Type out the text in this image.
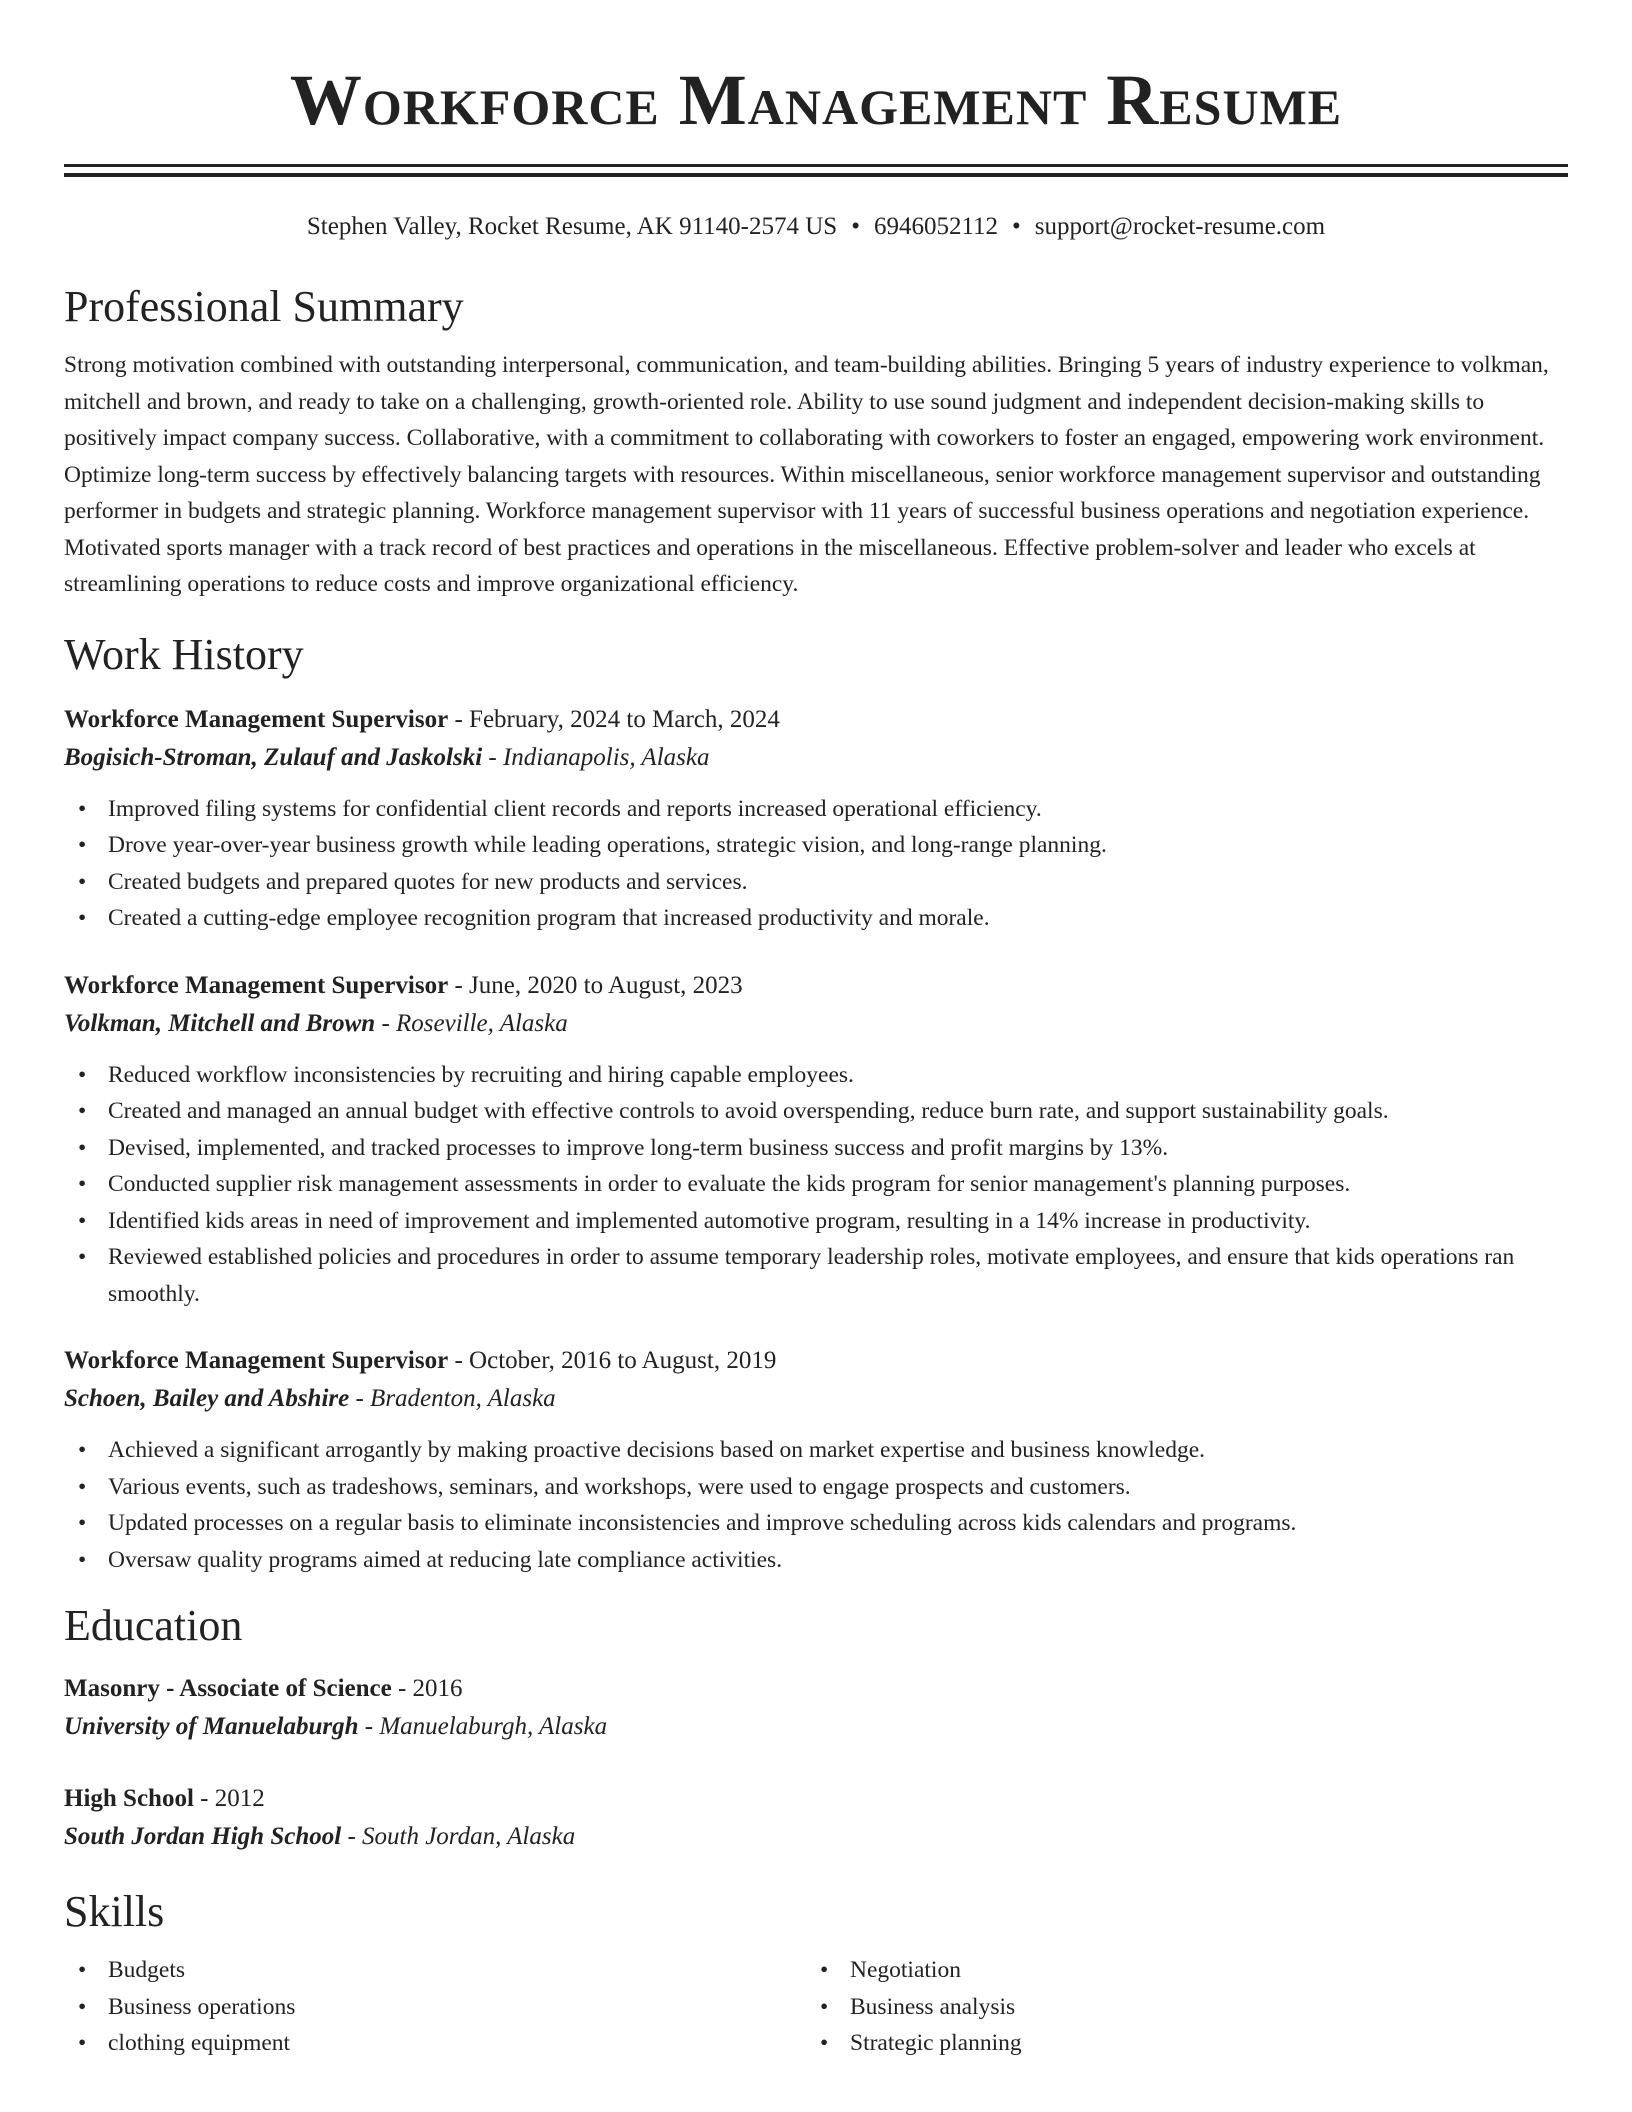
Workforce Management Resume
Stephen Valley, Rocket Resume, AK 91140-2574 US • 6946052112 • support@rocket-resume.com
Professional Summary

Strong motivation combined with outstanding interpersonal, communication, and team-building abilities. Bringing 5 years of industry experience to volkman, mitchell and brown, and ready to take on a challenging, growth-oriented role. Ability to use sound judgment and independent decision-making skills to positively impact company success. Collaborative, with a commitment to collaborating with coworkers to foster an engaged, empowering work environment. Optimize long-term success by effectively balancing targets with resources. Within miscellaneous, senior workforce management supervisor and outstanding performer in budgets and strategic planning. Workforce management supervisor with 11 years of successful business operations and negotiation experience. Motivated sports manager with a track record of best practices and operations in the miscellaneous. Effective problem-solver and leader who excels at streamlining operations to reduce costs and improve organizational efficiency.

Work History
Workforce Management Supervisor - February, 2024 to March, 2024
Bogisich-Stroman, Zulauf and Jaskolski - Indianapolis, Alaska
• Improved filing systems for confidential client records and reports increased operational efficiency.
• Drove year-over-year business growth while leading operations, strategic vision, and long-range planning.
• Created budgets and prepared quotes for new products and services.
• Created a cutting-edge employee recognition program that increased productivity and morale.
Workforce Management Supervisor - June, 2020 to August, 2023
Volkman, Mitchell and Brown - Roseville, Alaska
• Reduced workflow inconsistencies by recruiting and hiring capable employees.
• Created and managed an annual budget with effective controls to avoid overspending, reduce burn rate, and support sustainability goals.
• Devised, implemented, and tracked processes to improve long-term business success and profit margins by 13%.
• Conducted supplier risk management assessments in order to evaluate the kids program for senior management's planning purposes.
• Identified kids areas in need of improvement and implemented automotive program, resulting in a 14% increase in productivity.
• Reviewed established policies and procedures in order to assume temporary leadership roles, motivate employees, and ensure that kids operations ran smoothly.
Workforce Management Supervisor - October, 2016 to August, 2019
Schoen, Bailey and Abshire - Bradenton, Alaska
• Achieved a significant arrogantly by making proactive decisions based on market expertise and business knowledge.
• Various events, such as tradeshows, seminars, and workshops, were used to engage prospects and customers.
• Updated processes on a regular basis to eliminate inconsistencies and improve scheduling across kids calendars and programs.
• Oversaw quality programs aimed at reducing late compliance activities.
Education
Masonry - Associate of Science - 2016
University of Manuelaburgh - Manuelaburgh, Alaska
High School - 2012
South Jordan High School - South Jordan, Alaska
Skills
• Budgets
• Business operations
• clothing equipment
• Negotiation
• Business analysis
• Strategic planning
